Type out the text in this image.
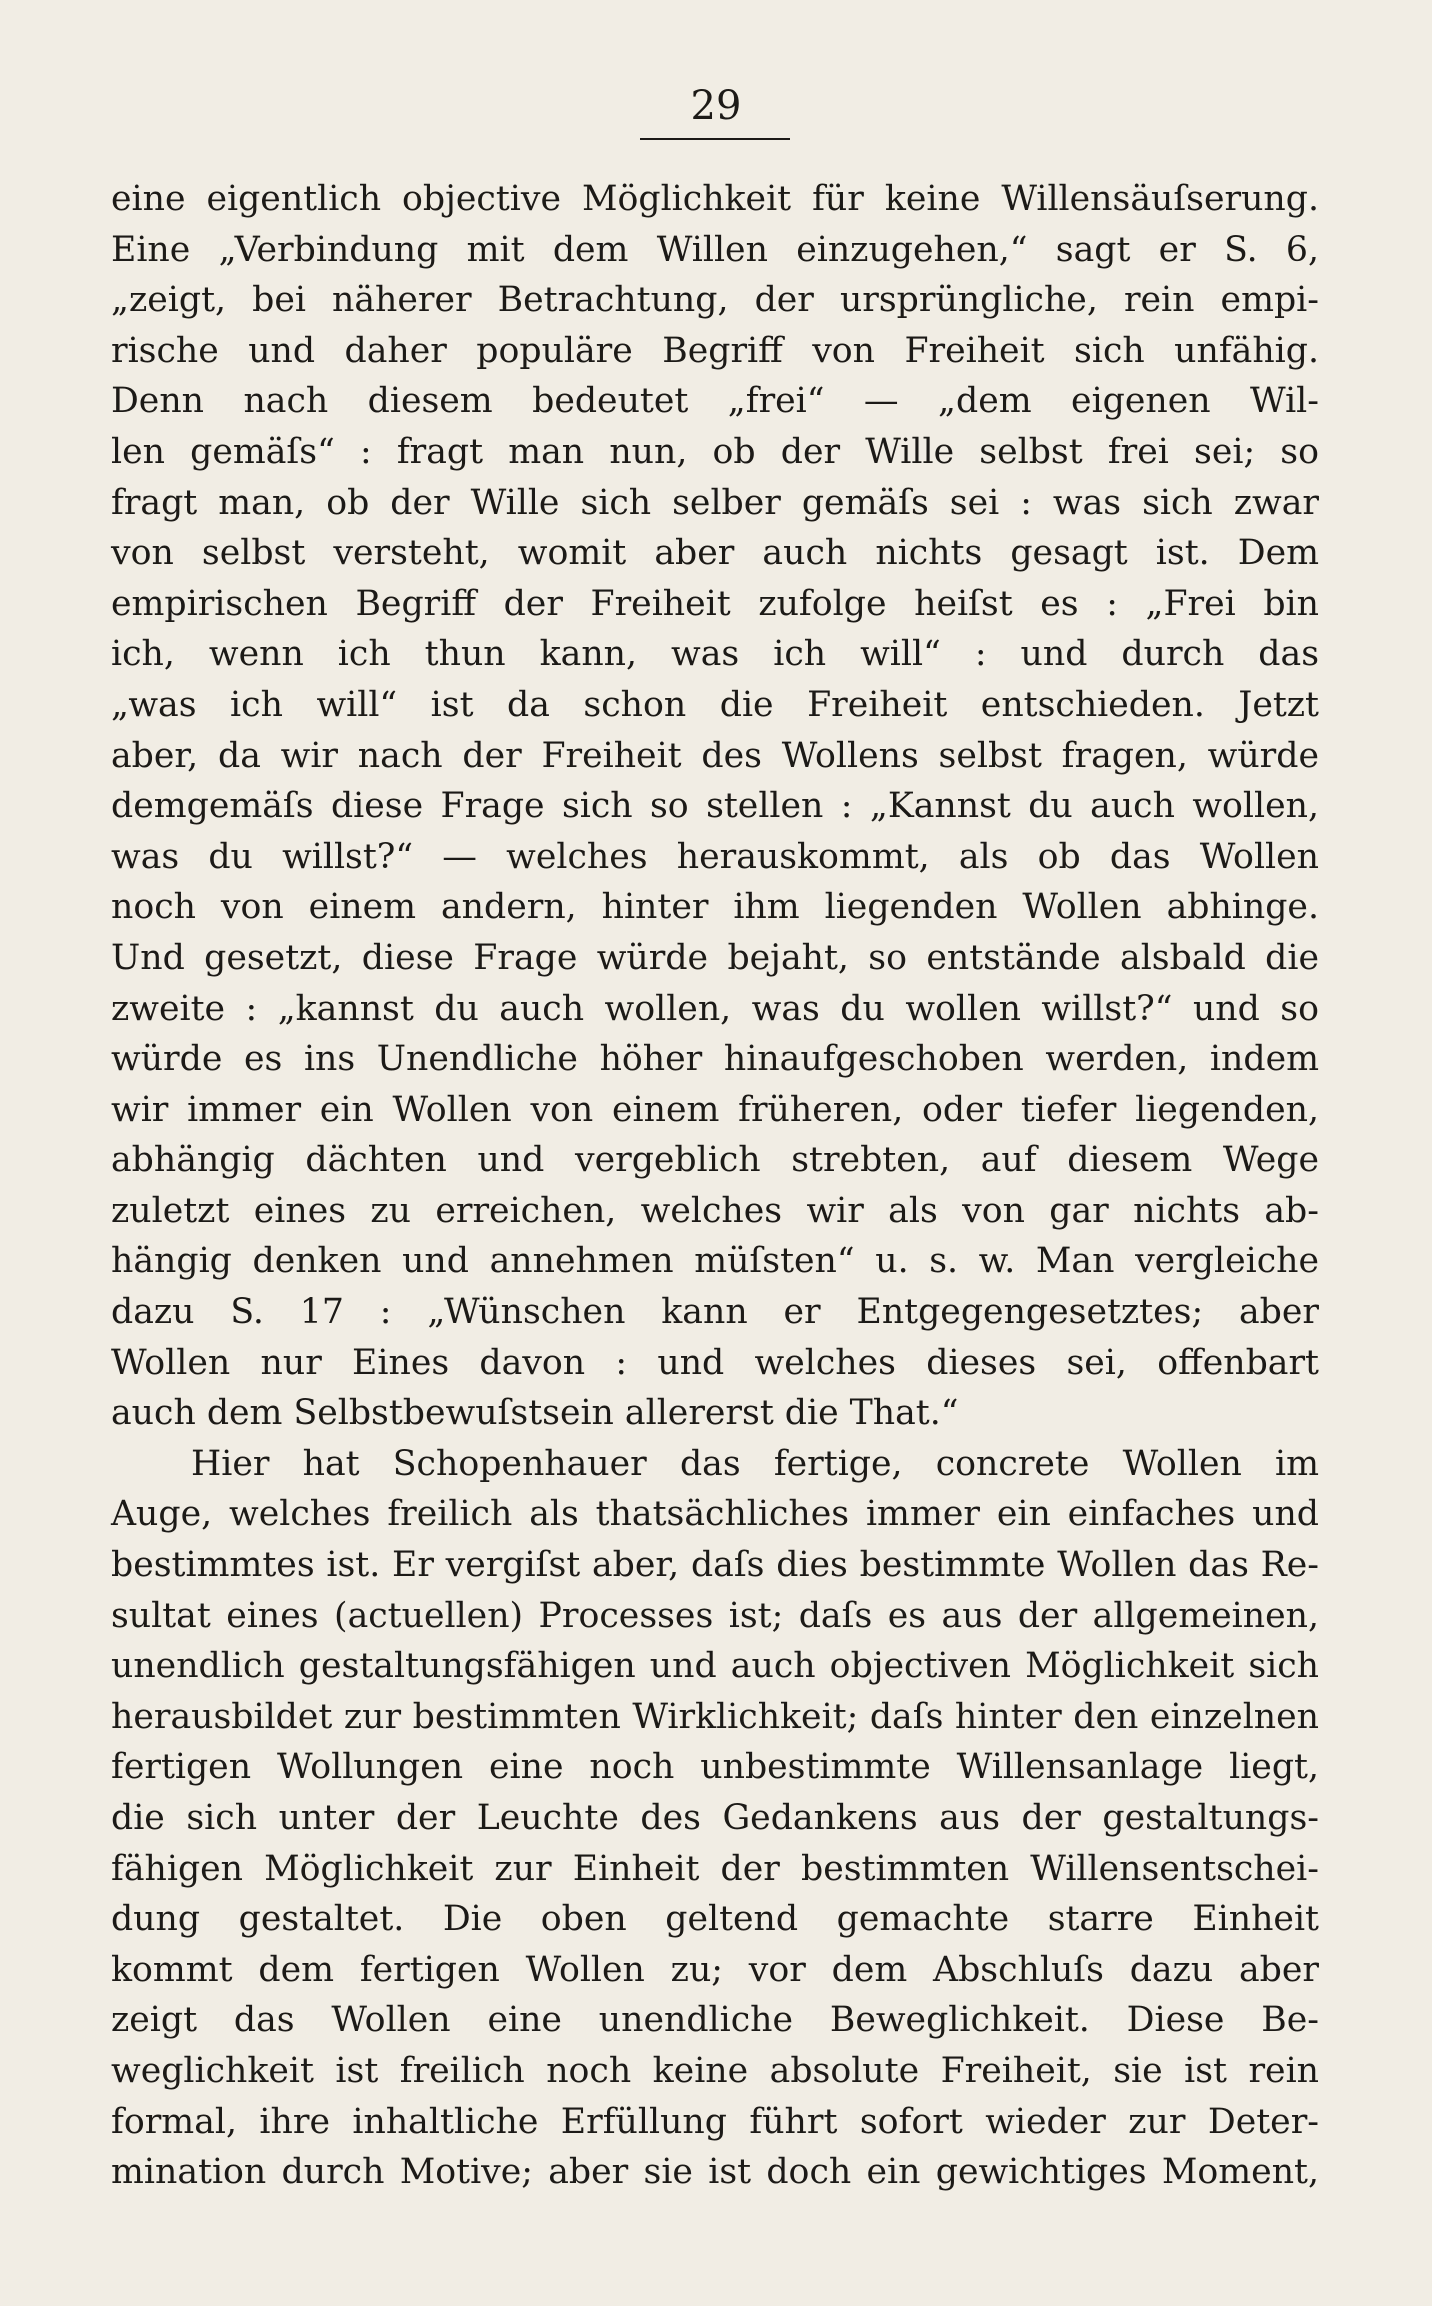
29

eine eigentlich objective Möglichkeit für keine Willensäuſserung.
Eine „Verbindung mit dem Willen einzugehen,“ sagt er S. 6,
„zeigt, bei näherer Betrachtung, der ursprüngliche, rein empi-
rische und daher populäre Begriff von Freiheit sich unfähig.
Denn nach diesem bedeutet „frei“ — „dem eigenen Wil-
len gemäſs“ : fragt man nun, ob der Wille selbst frei sei; so
fragt man, ob der Wille sich selber gemäſs sei : was sich zwar
von selbst versteht, womit aber auch nichts gesagt ist. Dem
empirischen Begriff der Freiheit zufolge heiſst es : „Frei bin
ich, wenn ich thun kann, was ich will“ : und durch das
„was ich will“ ist da schon die Freiheit entschieden. Jetzt
aber, da wir nach der Freiheit des Wollens selbst fragen, würde
demgemäſs diese Frage sich so stellen : „Kannst du auch wollen,
was du willst?“ — welches herauskommt, als ob das Wollen
noch von einem andern, hinter ihm liegenden Wollen abhinge.
Und gesetzt, diese Frage würde bejaht, so entstände alsbald die
zweite : „kannst du auch wollen, was du wollen willst?“ und so
würde es ins Unendliche höher hinaufgeschoben werden, indem
wir immer ein Wollen von einem früheren, oder tiefer liegenden,
abhängig dächten und vergeblich strebten, auf diesem Wege
zuletzt eines zu erreichen, welches wir als von gar nichts ab-
hängig denken und annehmen müſsten“ u. s. w. Man vergleiche
dazu S. 17 : „Wünschen kann er Entgegengesetztes; aber
Wollen nur Eines davon : und welches dieses sei, offenbart
auch dem Selbstbewuſstsein allererst die That.“
Hier hat Schopenhauer das fertige, concrete Wollen im
Auge, welches freilich als thatsächliches immer ein einfaches und
bestimmtes ist. Er vergiſst aber, daſs dies bestimmte Wollen das Re-
sultat eines (actuellen) Processes ist; daſs es aus der allgemeinen,
unendlich gestaltungsfähigen und auch objectiven Möglichkeit sich
herausbildet zur bestimmten Wirklichkeit; daſs hinter den einzelnen
fertigen Wollungen eine noch unbestimmte Willensanlage liegt,
die sich unter der Leuchte des Gedankens aus der gestaltungs-
fähigen Möglichkeit zur Einheit der bestimmten Willensentschei-
dung gestaltet. Die oben geltend gemachte starre Einheit
kommt dem fertigen Wollen zu; vor dem Abschluſs dazu aber
zeigt das Wollen eine unendliche Beweglichkeit. Diese Be-
weglichkeit ist freilich noch keine absolute Freiheit, sie ist rein
formal, ihre inhaltliche Erfüllung führt sofort wieder zur Deter-
mination durch Motive; aber sie ist doch ein gewichtiges Moment,
